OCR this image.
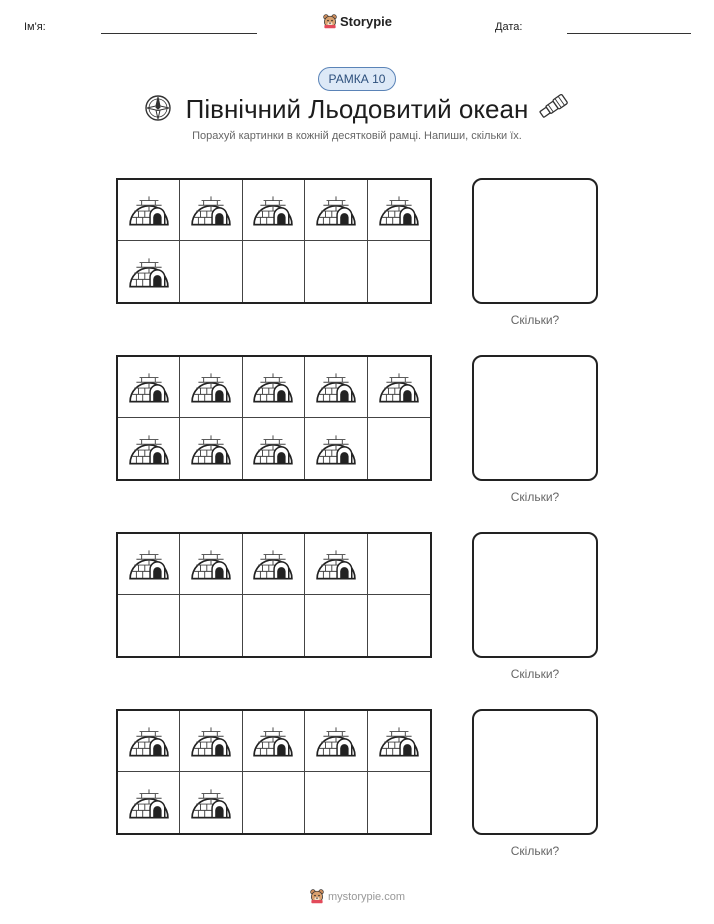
Ім'я:	Storypie	Дата:
РАМКА 10
Північний Льодовитий океан
Порахуй картинки в кожній десятковій рамці. Напиши, скільки їх.
Скільки?
Скільки?
Скільки?
Скільки?
mystorypie.com
